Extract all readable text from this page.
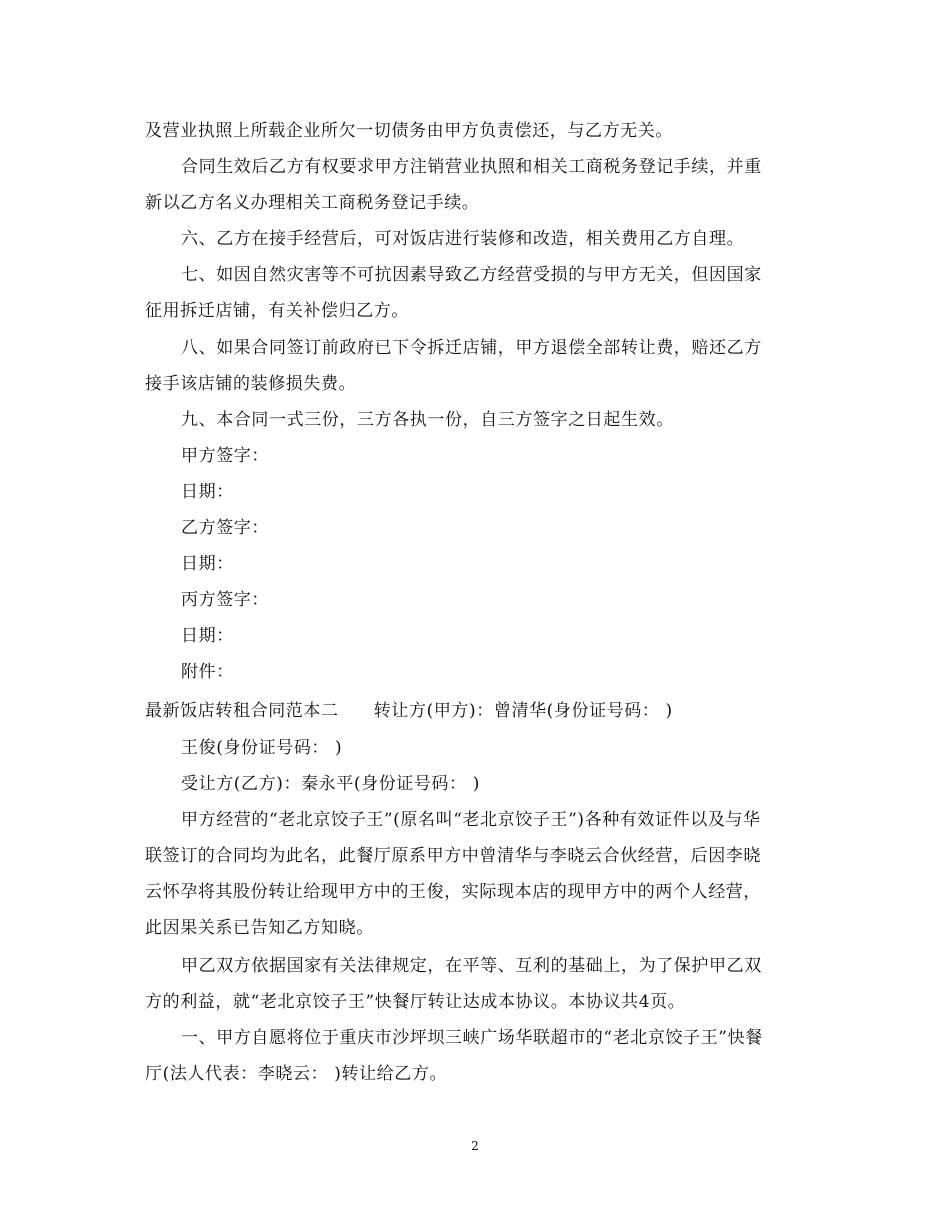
及营业执照上所载企业所欠一切债务由甲方负责偿还，与乙方无关。
合同生效后乙方有权要求甲方注销营业执照和相关工商税务登记手续，并重
新以乙方名义办理相关工商税务登记手续。
六、乙方在接手经营后，可对饭店进行装修和改造，相关费用乙方自理。
七、如因自然灾害等不可抗因素导致乙方经营受损的与甲方无关，但因国家
征用拆迁店铺，有关补偿归乙方。
八、如果合同签订前政府已下令拆迁店铺，甲方退偿全部转让费，赔还乙方
接手该店铺的装修损失费。
九、本合同一式三份，三方各执一份，自三方签字之日起生效。
甲方签字：
日期：
乙方签字：
日期：
丙方签字：
日期：
附件：
最新饭店转租合同范本二　　转让方(甲方)：曾清华(身份证号码： )
王俊(身份证号码： )
受让方(乙方)：秦永平(身份证号码： )
甲方经营的“老北京饺子王”(原名叫“老北京饺子王”)各种有效证件以及与华
联签订的合同均为此名，此餐厅原系甲方中曾清华与李晓云合伙经营，后因李晓
云怀孕将其股份转让给现甲方中的王俊，实际现本店的现甲方中的两个人经营，
此因果关系已告知乙方知晓。
甲乙双方依据国家有关法律规定，在平等、互利的基础上，为了保护甲乙双
方的利益，就“老北京饺子王”快餐厅转让达成本协议。本协议共4页。
一、甲方自愿将位于重庆市沙坪坝三峡广场华联超市的“老北京饺子王”快餐
厅(法人代表：李晓云： )转让给乙方。
2
